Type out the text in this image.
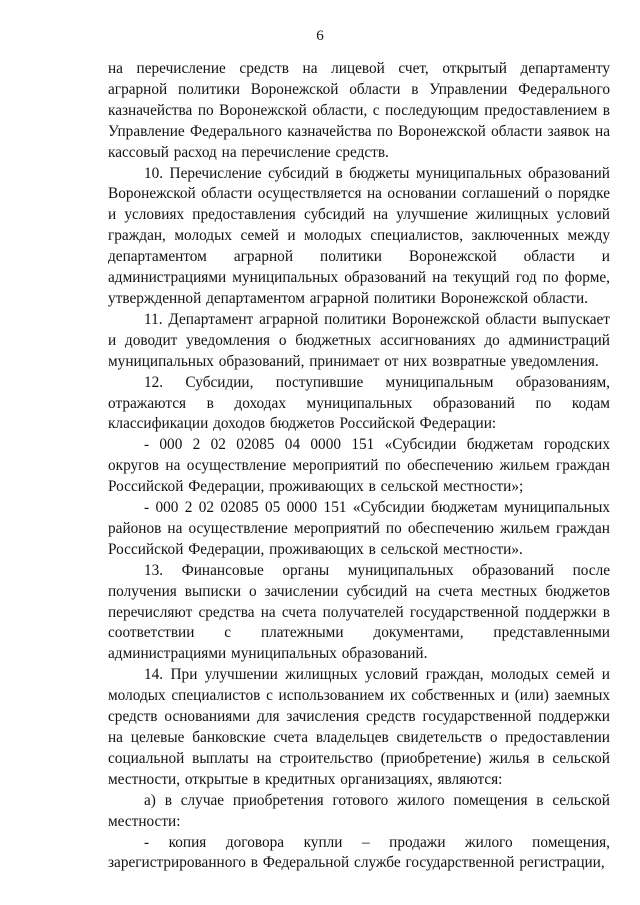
6

на перечисление средств на лицевой счет, открытый департаменту аграрной политики Воронежской области в Управлении Федерального казначейства по Воронежской области, с последующим предоставлением в Управление Федерального казначейства по Воронежской области заявок на кассовый расход на перечисление средств.

10. Перечисление субсидий в бюджеты муниципальных образований Воронежской области осуществляется на основании соглашений о порядке и условиях предоставления субсидий на улучшение жилищных условий граждан, молодых семей и молодых специалистов, заключенных между департаментом аграрной политики Воронежской области и администрациями муниципальных образований на текущий год по форме, утвержденной департаментом аграрной политики Воронежской области.

11. Департамент аграрной политики Воронежской области выпускает и доводит уведомления о бюджетных ассигнованиях до администраций муниципальных образований, принимает от них возвратные уведомления.

12. Субсидии, поступившие муниципальным образованиям, отражаются в доходах муниципальных образований по кодам классификации доходов бюджетов Российской Федерации:

- 000 2 02 02085 04 0000 151 «Субсидии бюджетам городских округов на осуществление мероприятий по обеспечению жильем граждан Российской Федерации, проживающих в сельской местности»;

- 000 2 02 02085 05 0000 151 «Субсидии бюджетам муниципальных районов на осуществление мероприятий по обеспечению жильем граждан Российской Федерации, проживающих в сельской местности».

13. Финансовые органы муниципальных образований после получения выписки о зачислении субсидий на счета местных бюджетов перечисляют средства на счета получателей государственной поддержки в соответствии с платежными документами, представленными администрациями муниципальных образований.

14. При улучшении жилищных условий граждан, молодых семей и молодых специалистов с использованием их собственных и (или) заемных средств основаниями для зачисления средств государственной поддержки на целевые банковские счета владельцев свидетельств о предоставлении социальной выплаты на строительство (приобретение) жилья в сельской местности, открытые в кредитных организациях, являются:

а) в случае приобретения готового жилого помещения в сельской местности:

- копия договора купли – продажи жилого помещения, зарегистрированного в Федеральной службе государственной регистрации,
